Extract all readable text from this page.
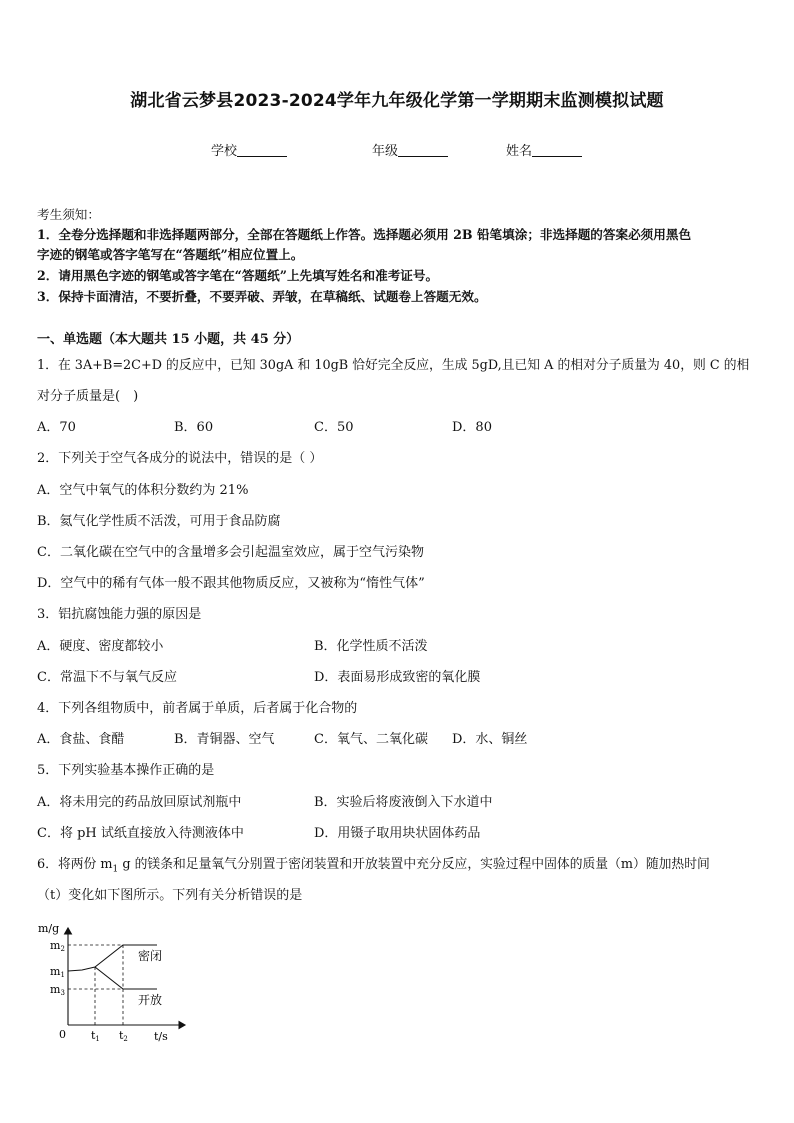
湖北省云梦县2023-2024学年九年级化学第一学期期末监测模拟试题
学校	年级	姓名
考生须知：
1．全卷分选择题和非选择题两部分，全部在答题纸上作答。选择题必须用 2B 铅笔填涂；非选择题的答案必须用黑色
字迹的钢笔或答字笔写在“答题纸”相应位置上。
2．请用黑色字迹的钢笔或答字笔在“答题纸”上先填写姓名和准考证号。
3．保持卡面清洁，不要折叠，不要弄破、弄皱，在草稿纸、试题卷上答题无效。
一、单选题（本大题共 15 小题，共 45 分）
1．在 3A+B=2C+D 的反应中，已知 30gA 和 10gB 恰好完全反应，生成 5gD,且已知 A 的相对分子质量为 40，则 C 的相
对分子质量是(　)
A．70	B．60	C．50	D．80
2．下列关于空气各成分的说法中，错误的是（ ）
A．空气中氧气的体积分数约为 21%
B．氦气化学性质不活泼，可用于食品防腐
C．二氧化碳在空气中的含量增多会引起温室效应，属于空气污染物
D．空气中的稀有气体一般不跟其他物质反应，又被称为“惰性气体”
3．铝抗腐蚀能力强的原因是
A．硬度、密度都较小	B．化学性质不活泼
C．常温下不与氧气反应	D．表面易形成致密的氧化膜
4．下列各组物质中，前者属于单质，后者属于化合物的
A．食盐、食醋	B．青铜器、空气	C．氧气、二氧化碳 D．水、铜丝
5．下列实验基本操作正确的是
A．将未用完的药品放回原试剂瓶中	B．实验后将废液倒入下水道中
C．将 pH 试纸直接放入待测液体中	D．用镊子取用块状固体药品
6．将两份 $m_1$ g 的镁条和足量氧气分别置于密闭装置和开放装置中充分反应，实验过程中固体的质量（m）随加热时间
（t）变化如下图所示。下列有关分析错误的是
m/g
m2
m1
m3
0 t1 t2 t/s
密闭
开放
